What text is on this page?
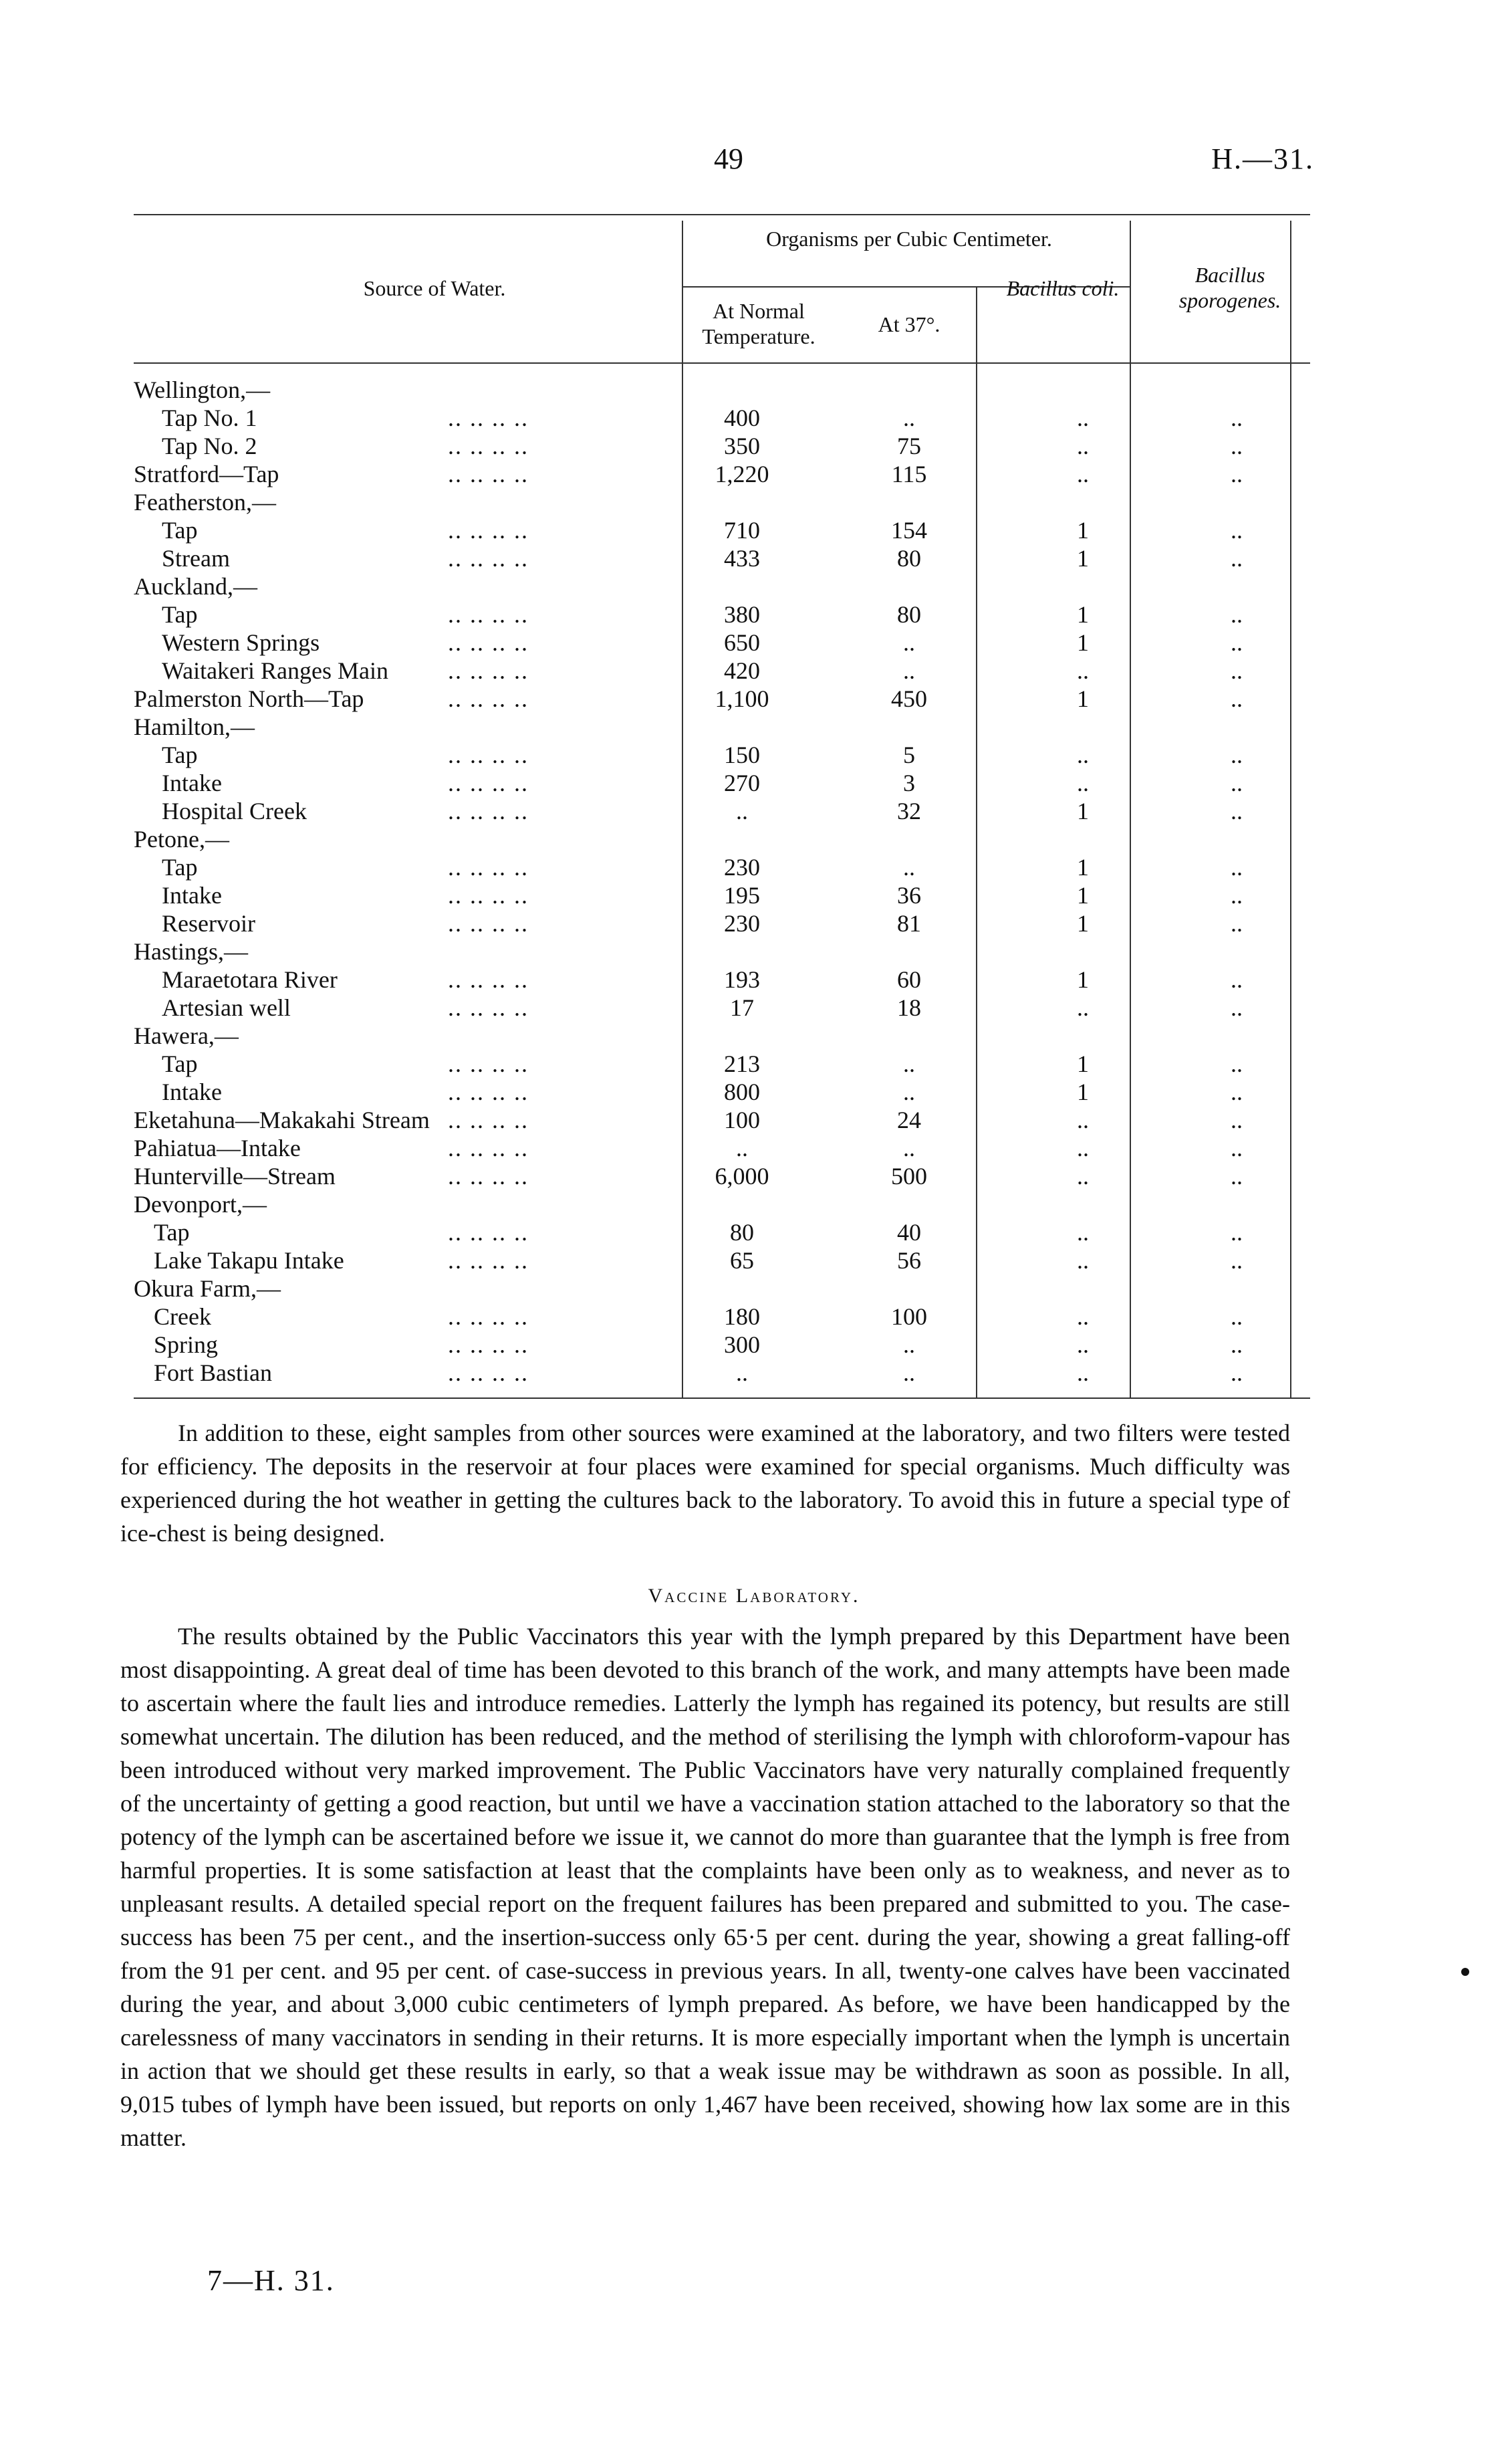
49	H.—31.
Source of Water.
Organisms per Cubic Centimeter.
At Normal Temperature.	At 37°.
Bacillus coli.
Bacillus sporogenes.
Wellington,—
Tap No. 1	.. .. .. ..	400	..	..	..
Tap No. 2	.. .. .. ..	350	75	..	..
Stratford—Tap	.. .. .. ..	1,220	115	..	..
Featherston,—
Tap	.. .. .. ..	710	154	1	..
Stream	.. .. .. ..	433	80	1	..
Auckland,—
Tap	.. .. .. ..	380	80	1	..
Western Springs	.. .. .. ..	650	..	1	..
Waitakeri Ranges Main .. .. .. ..	420	..	..	..
Palmerston North—Tap	.. .. .. ..	1,100	450	1	..
Hamilton,—
Tap	.. .. .. ..	150	5	..	..
Intake	.. .. .. ..	270	3	..	..
Hospital Creek	.. .. .. ..	..	32	1	..
Petone,—
Tap	.. .. .. ..	230	..	1	..
Intake	.. .. .. ..	195	36	1	..
Reservoir	.. .. .. ..	230	81	1	..
Hastings,—
Maraetotara River	.. .. .. ..	193	60	1	..
Artesian well	.. .. .. ..	17	18	..	..
Hawera,—
Tap	.. .. .. ..	213	..	1	..
Intake	.. .. .. ..	800	..	1	..
Eketahuna—Makakahi Stream .. .. .. ..	100	24	..	..
Pahiatua—Intake	.. .. .. ..	..	..	..	..
Hunterville—Stream	.. .. .. ..	6,000	500	..	..
Devonport,—
Tap	.. .. .. ..	80	40	..	..
Lake Takapu Intake	.. .. .. ..	65	56	..	..
Okura Farm,—
Creek	.. .. .. ..	180	100	..	..
Spring	.. .. .. ..	300	..	..	..
Fort Bastian	.. .. .. ..	..	..	..	..

In addition to these, eight samples from other sources were examined at the laboratory, and two filters were tested for efficiency. The deposits in the reservoir at four places were examined for special organisms. Much difficulty was experienced during the hot weather in getting the cultures back to the laboratory. To avoid this in future a special type of ice-chest is being designed.

Vaccine Laboratory.

The results obtained by the Public Vaccinators this year with the lymph prepared by this Department have been most disappointing. A great deal of time has been devoted to this branch of the work, and many attempts have been made to ascertain where the fault lies and introduce remedies. Latterly the lymph has regained its potency, but results are still somewhat uncertain. The dilution has been reduced, and the method of sterilising the lymph with chloroform-vapour has been introduced without very marked improvement. The Public Vaccinators have very naturally complained frequently of the uncertainty of getting a good reaction, but until we have a vaccination station attached to the laboratory so that the potency of the lymph can be ascertained before we issue it, we cannot do more than guarantee that the lymph is free from harmful properties. It is some satisfaction at least that the complaints have been only as to weakness, and never as to unpleasant results. A detailed special report on the frequent failures has been prepared and submitted to you. The case-success has been 75 per cent., and the insertion-success only 65·5 per cent. during the year, showing a great falling-off from the 91 per cent. and 95 per cent. of case-success in previous years. In all, twenty-one calves have been vaccinated during the year, and about 3,000 cubic centimeters of lymph prepared. As before, we have been handicapped by the carelessness of many vaccinators in sending in their returns. It is more especially important when the lymph is uncertain in action that we should get these results in early, so that a weak issue may be withdrawn as soon as possible. In all, 9,015 tubes of lymph have been issued, but reports on only 1,467 have been received, showing how lax some are in this matter.

7—H. 31.
